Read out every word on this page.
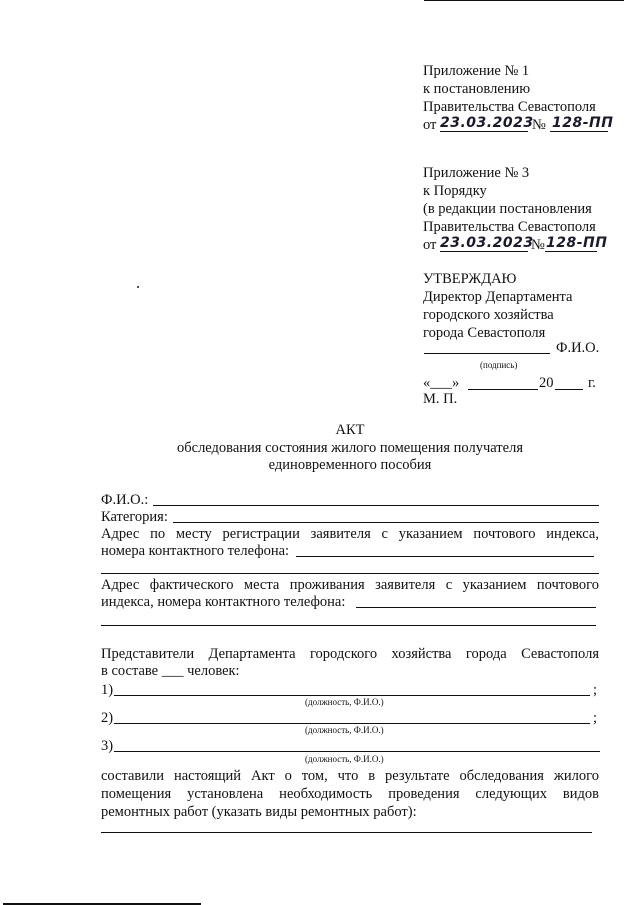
Приложение № 1
к постановлению
Правительства Севастополя
от 23.03.2023
№ 128-ПП
Приложение № 3
к Порядку
(в редакции постановления
Правительства Севастополя
от 23.03.2023
№ 128-ПП
УТВЕРЖДАЮ
Директор Департамента
городского хозяйства
города Севастополя
Ф.И.О.
(подпись)
«___»	20 г.
М. П.
АКТ
обследования состояния жилого помещения получателя
единовременного пособия
Ф.И.О.:
Категория:
Адрес по месту регистрации заявителя с указанием почтового индекса,
номера контактного телефона:
Адрес фактического места проживания заявителя с указанием почтового
индекса, номера контактного телефона:
Представители Департамента городского хозяйства города Севастополя
в составе ___ человек:
1)	;
(должность, Ф.И.О.)
2)	;
(должность, Ф.И.О.)
3)
(должность, Ф.И.О.)
составили настоящий Акт о том, что в результате обследования жилого
помещения установлена необходимость проведения следующих видов
ремонтных работ (указать виды ремонтных работ):
